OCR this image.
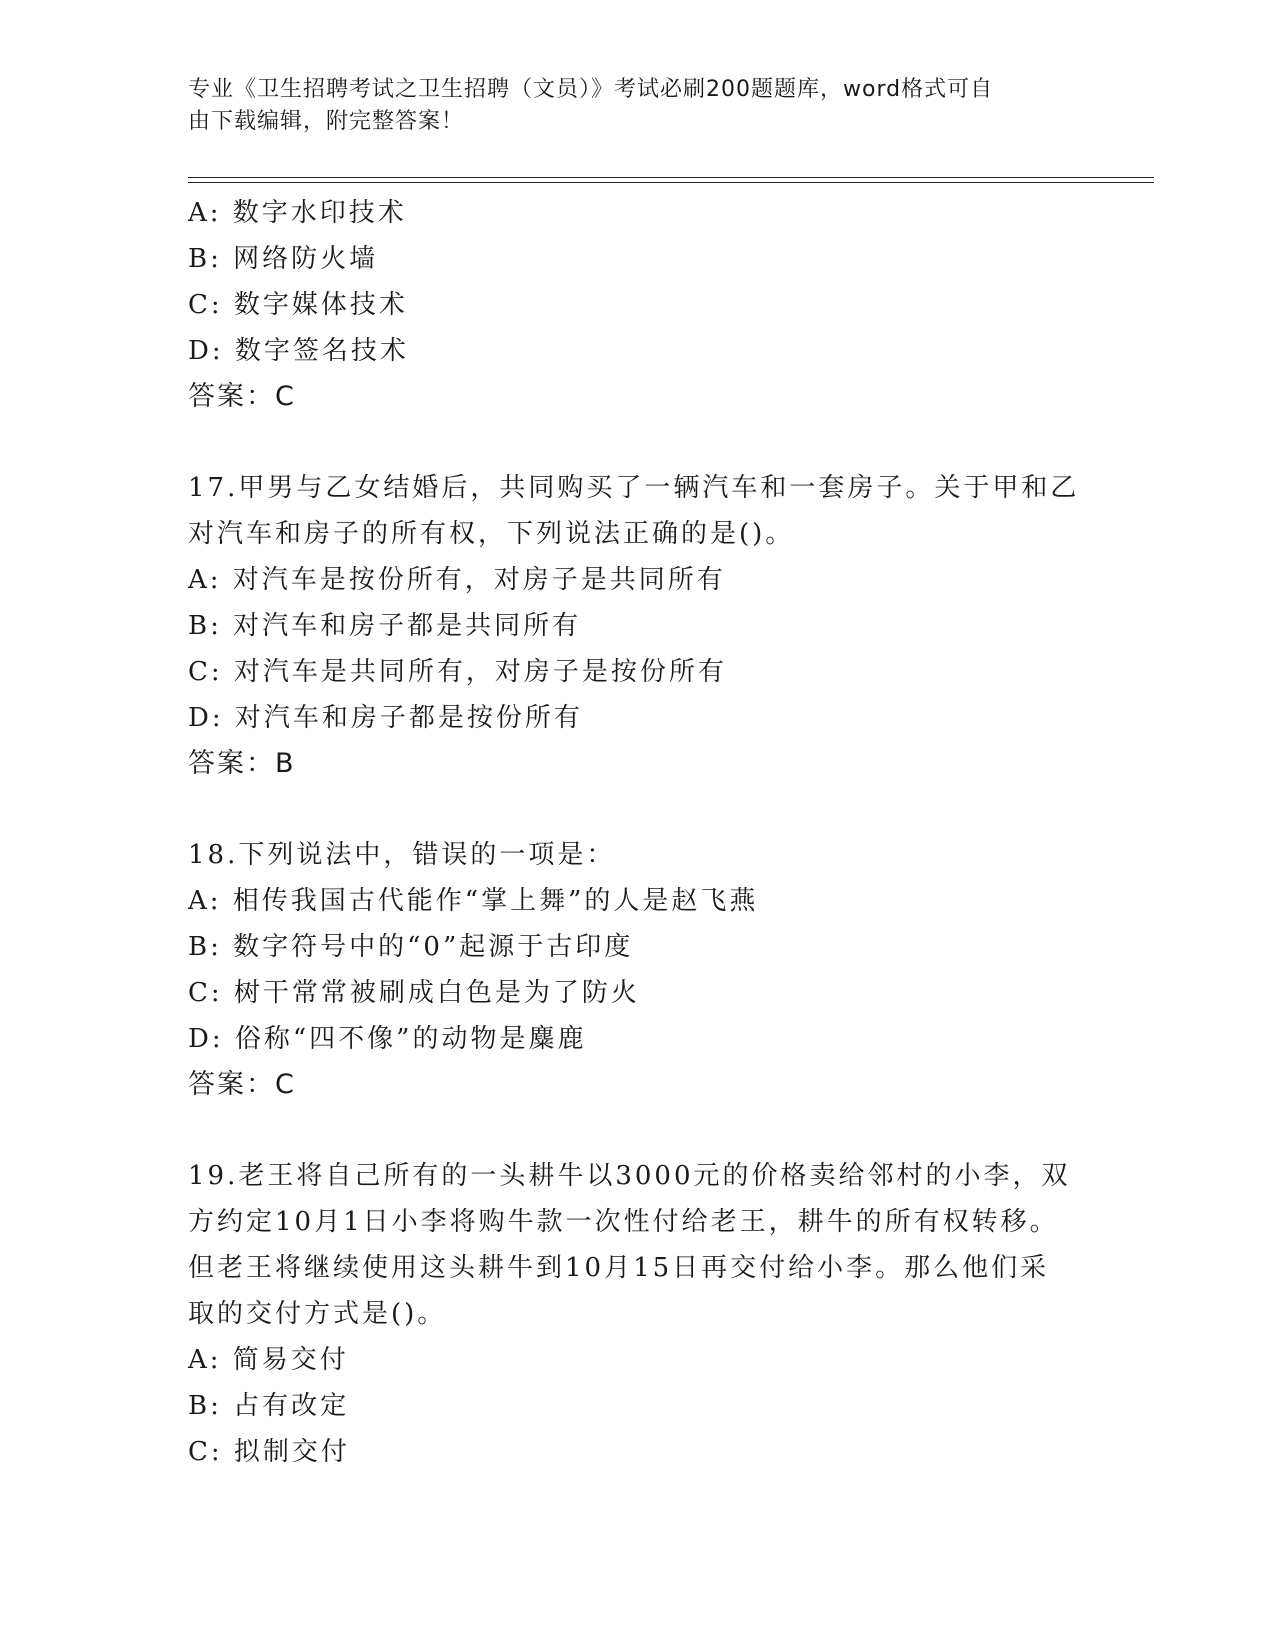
专业《卫生招聘考试之卫生招聘（文员）》考试必刷200题题库，word格式可自
由下载编辑，附完整答案！
A: 数字水印技术
B: 网络防火墙
C: 数字媒体技术
D: 数字签名技术
答案：C
17.甲男与乙女结婚后，共同购买了一辆汽车和一套房子。关于甲和乙
对汽车和房子的所有权，下列说法正确的是()。
A: 对汽车是按份所有，对房子是共同所有
B: 对汽车和房子都是共同所有
C: 对汽车是共同所有，对房子是按份所有
D: 对汽车和房子都是按份所有
答案：B
18.下列说法中，错误的一项是：
A: 相传我国古代能作“掌上舞”的人是赵飞燕
B: 数字符号中的“0”起源于古印度
C: 树干常常被刷成白色是为了防火
D: 俗称“四不像”的动物是麋鹿
答案：C
19.老王将自己所有的一头耕牛以3000元的价格卖给邻村的小李，双
方约定10月1日小李将购牛款一次性付给老王，耕牛的所有权转移。
但老王将继续使用这头耕牛到10月15日再交付给小李。那么他们采
取的交付方式是()。
A: 简易交付
B: 占有改定
C: 拟制交付
